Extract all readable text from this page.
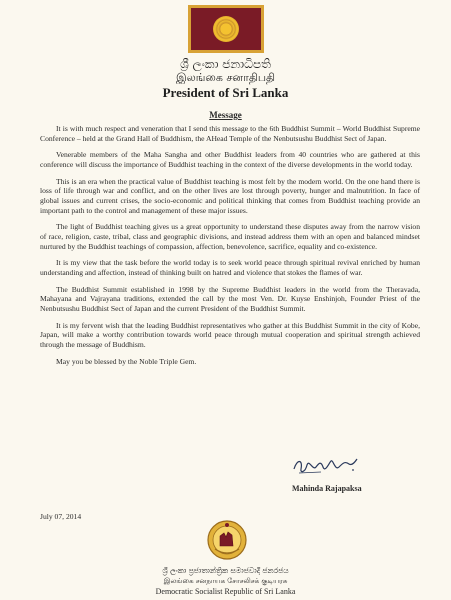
ශ්‍රී ලංකා ජනාධිපති
இலங்கை சனாதிபதி
President of Sri Lanka
Message

It is with much respect and veneration that I send this message to the 6th Buddhist Summit – World Buddhist Supreme Conference – held at the Grand Hall of Buddhism, the AHead Temple of the Nenbutsushu Buddhist Sect of Japan.

Venerable members of the Maha Sangha and other Buddhist leaders from 40 countries who are gathered at this conference will discuss the importance of Buddhist teaching in the context of the diverse developments in the world today.

This is an era when the practical value of Buddhist teaching is most felt by the modern world. On the one hand there is loss of life through war and conflict, and on the other lives are lost through poverty, hunger and malnutrition. In face of global issues and current crises, the socio-economic and political thinking that comes from Buddhist teaching provide an important path to the control and management of these major issues.

The light of Buddhist teaching gives us a great opportunity to understand these disputes away from the narrow vision of race, religion, caste, tribal, class and geographic divisions, and instead address them with an open and balanced mindset nurtured by the Buddhist teachings of compassion, affection, benevolence, sacrifice, equality and co-existence.

It is my view that the task before the world today is to seek world peace through spiritual revival enriched by human understanding and affection, instead of thinking built on hatred and violence that stokes the flames of war.

The Buddhist Summit established in 1998 by the Supreme Buddhist leaders in the world from the Theravada, Mahayana and Vajrayana traditions, extended the call by the most Ven. Dr. Kuyse Enshinjoh, Founder Priest of the Nenbutsushu Buddhist Sect of Japan and the current President of the Buddhist Summit.

It is my fervent wish that the leading Buddhist representatives who gather at this Buddhist Summit in the city of Kobe, Japan, will make a worthy contribution towards world peace through mutual cooperation and spiritual strength achieved through the message of Buddhism.

May you be blessed by the Noble Triple Gem.

Mahinda Rajapaksa
July 07, 2014
ශ්‍රී ලංකා ප්‍රජාතාන්ත්‍රික සමාජවාදී ජනරජය
இலங்கை சனநாயக சோசலிசக் குடியரசு
Democratic Socialist Republic of Sri Lanka
